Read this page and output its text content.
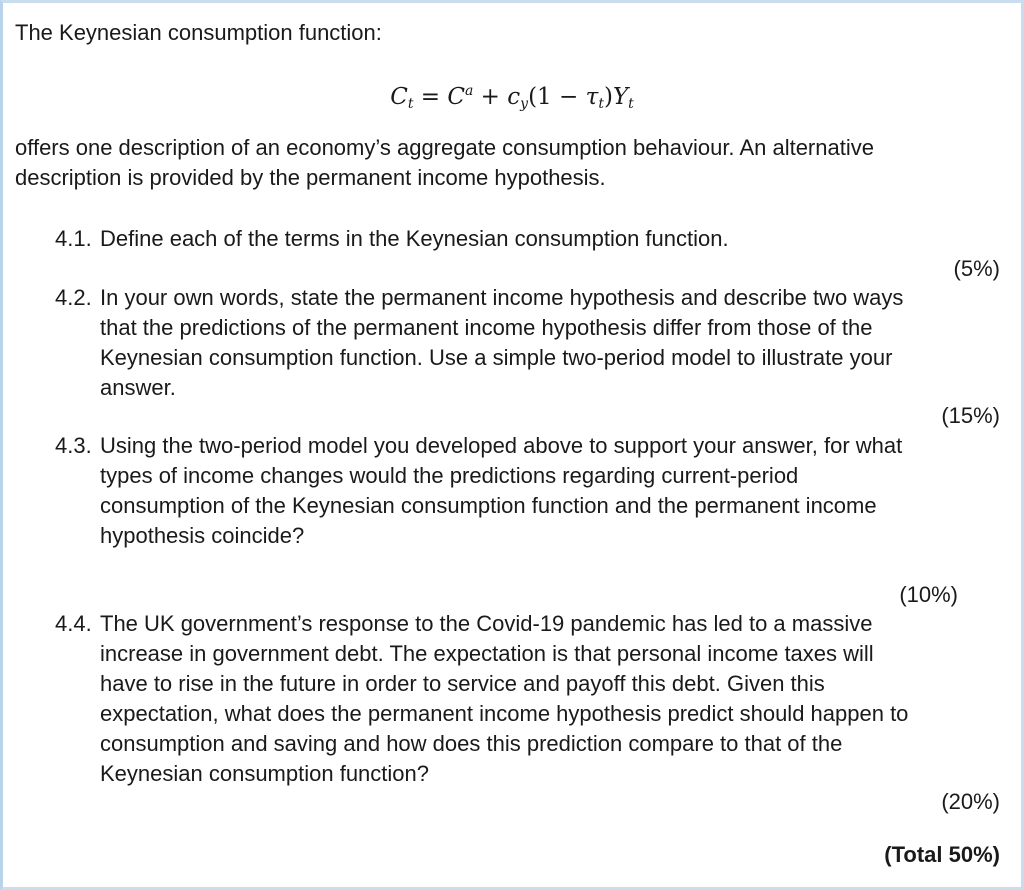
The Keynesian consumption function:
$C_t = C^a + c_y(1 - \tau_t)Y_t$
offers one description of an economy’s aggregate consumption behaviour. An alternative
description is provided by the permanent income hypothesis.
4.1. Define each of the terms in the Keynesian consumption function.
(5%)
4.2. In your own words, state the permanent income hypothesis and describe two ways
that the predictions of the permanent income hypothesis differ from those of the
Keynesian consumption function. Use a simple two-period model to illustrate your
answer.
(15%)
4.3. Using the two-period model you developed above to support your answer, for what
types of income changes would the predictions regarding current-period
consumption of the Keynesian consumption function and the permanent income
hypothesis coincide?
(10%)
4.4. The UK government’s response to the Covid-19 pandemic has led to a massive
increase in government debt. The expectation is that personal income taxes will
have to rise in the future in order to service and payoff this debt. Given this
expectation, what does the permanent income hypothesis predict should happen to
consumption and saving and how does this prediction compare to that of the
Keynesian consumption function?
(20%)
(Total 50%)
